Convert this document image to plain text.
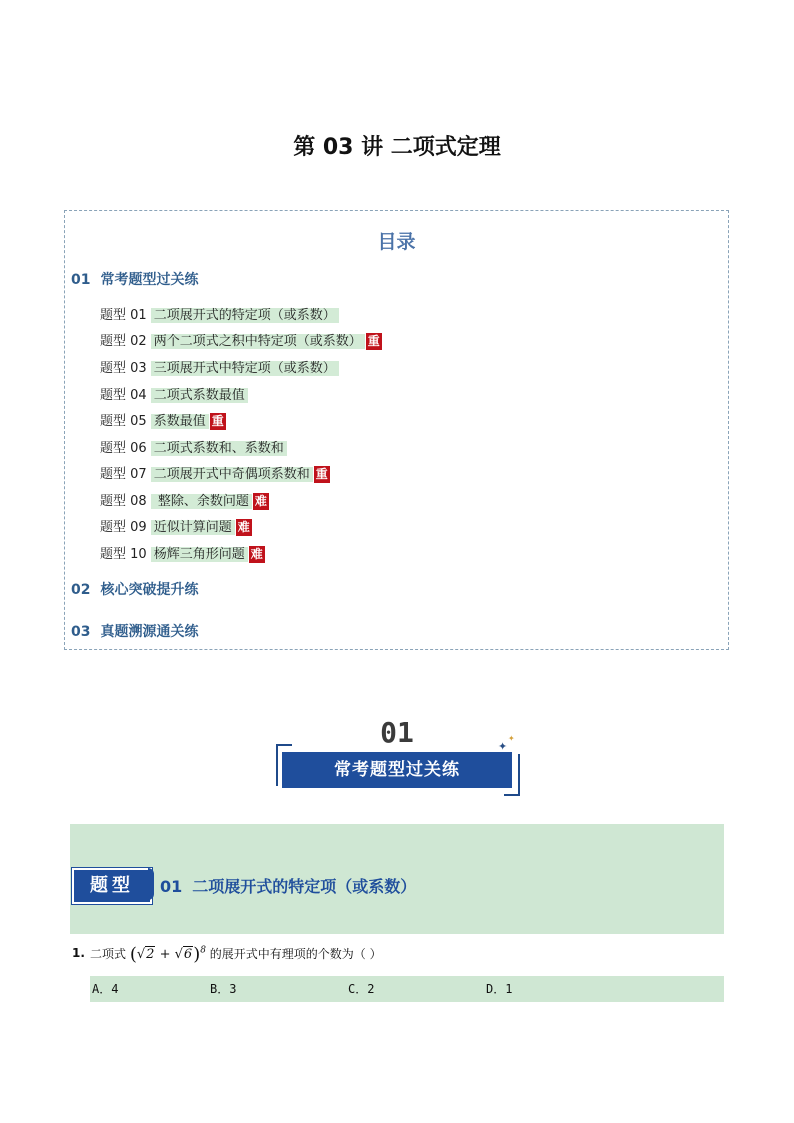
第 03 讲 二项式定理
目录
01 常考题型过关练
题型 01 二项展开式的特定项（或系数）
题型 02 两个二项式之积中特定项（或系数） 重
题型 03 三项展开式中特定项（或系数）
题型 04 二项式系数最值
题型 05 系数最值 重
题型 06 二项式系数和、系数和
题型 07 二项展开式中奇偶项系数和 重
题型 08 整除、余数问题 难
题型 09 近似计算问题 难
题型 10 杨辉三角形问题 难
02 核心突破提升练
03 真题溯源通关练
01
常考题型过关练
✦
✦
题型	01 二项展开式的特定项（或系数）
1. 二项式 $(√2 + √6)^8$ 的展开式中有理项的个数为（ ）
A．4	B．3	C．2	D．1
